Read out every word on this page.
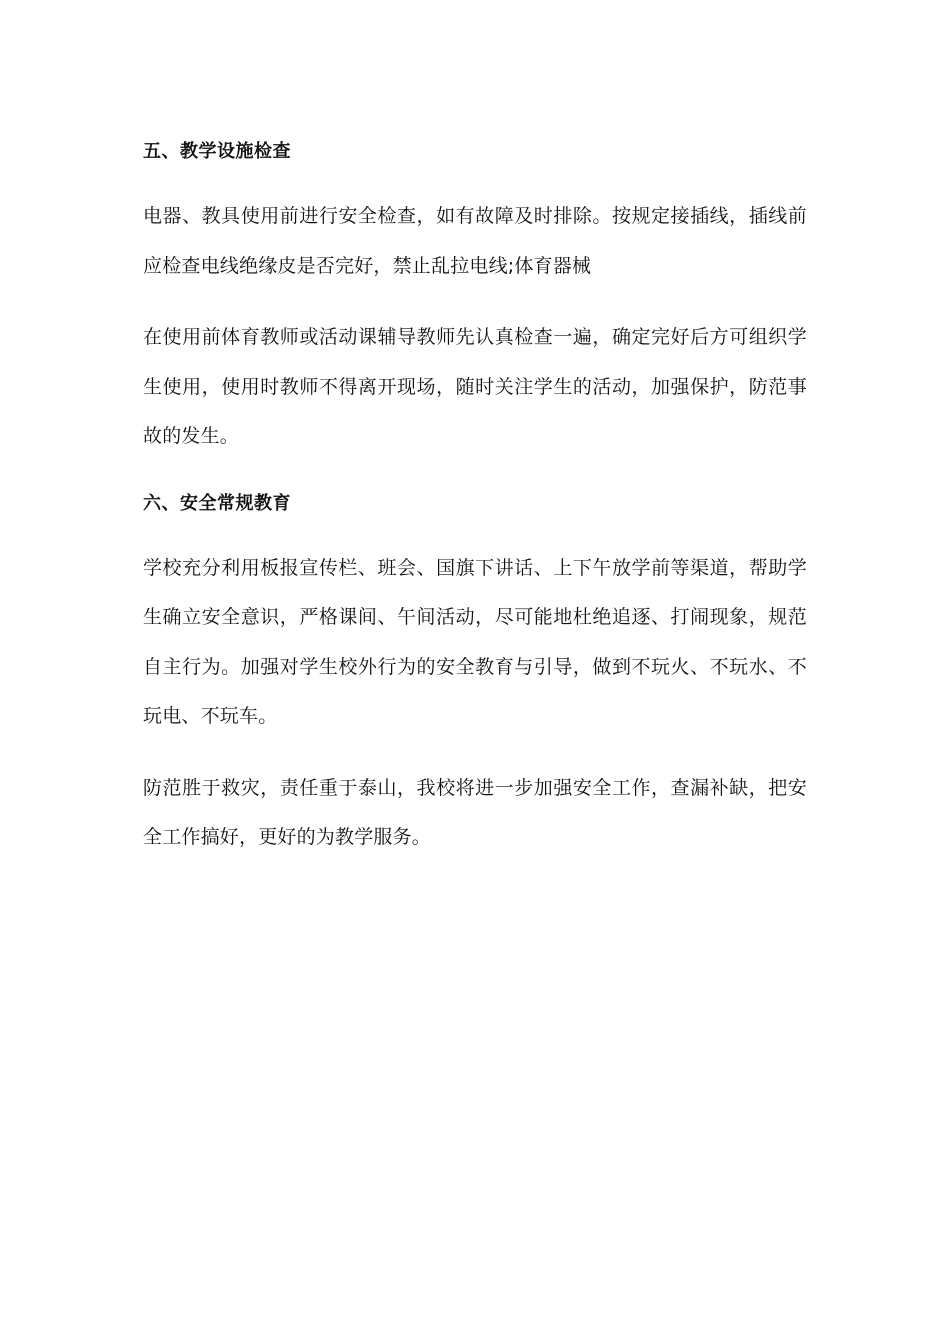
五、教学设施检查

电器、教具使用前进行安全检查，如有故障及时排除。按规定接插线，插线前应检查电线绝缘皮是否完好，禁止乱拉电线;体育器械

在使用前体育教师或活动课辅导教师先认真检查一遍，确定完好后方可组织学生使用，使用时教师不得离开现场，随时关注学生的活动，加强保护，防范事故的发生。

六、安全常规教育

学校充分利用板报宣传栏、班会、国旗下讲话、上下午放学前等渠道，帮助学生确立安全意识，严格课间、午间活动，尽可能地杜绝追逐、打闹现象，规范自主行为。加强对学生校外行为的安全教育与引导，做到不玩火、不玩水、不玩电、不玩车。

防范胜于救灾，责任重于泰山，我校将进一步加强安全工作，查漏补缺，把安全工作搞好，更好的为教学服务。
